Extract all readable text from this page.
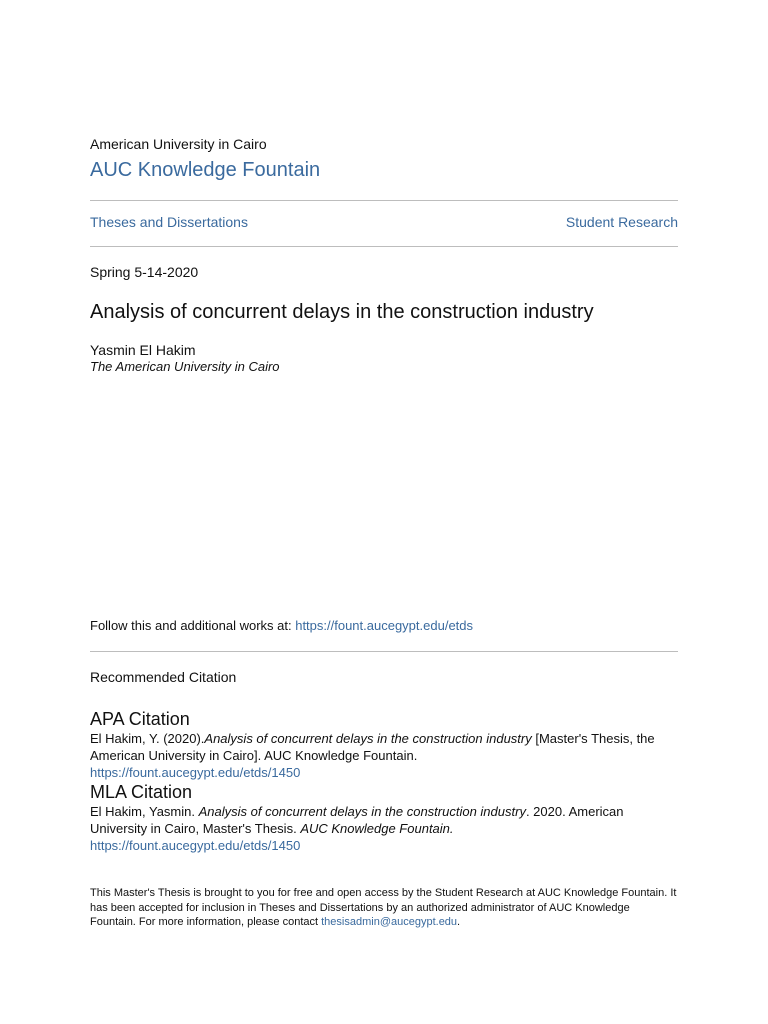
American University in Cairo
AUC Knowledge Fountain
Theses and Dissertations	Student Research
Spring 5-14-2020
Analysis of concurrent delays in the construction industry
Yasmin El Hakim
The American University in Cairo
Follow this and additional works at: https://fount.aucegypt.edu/etds
Recommended Citation
APA Citation
El Hakim, Y. (2020).Analysis of concurrent delays in the construction industry [Master's Thesis, the American University in Cairo]. AUC Knowledge Fountain.
https://fount.aucegypt.edu/etds/1450
MLA Citation
El Hakim, Yasmin. Analysis of concurrent delays in the construction industry. 2020. American University in Cairo, Master's Thesis. AUC Knowledge Fountain.
https://fount.aucegypt.edu/etds/1450
This Master's Thesis is brought to you for free and open access by the Student Research at AUC Knowledge Fountain. It has been accepted for inclusion in Theses and Dissertations by an authorized administrator of AUC Knowledge Fountain. For more information, please contact thesisadmin@aucegypt.edu.
